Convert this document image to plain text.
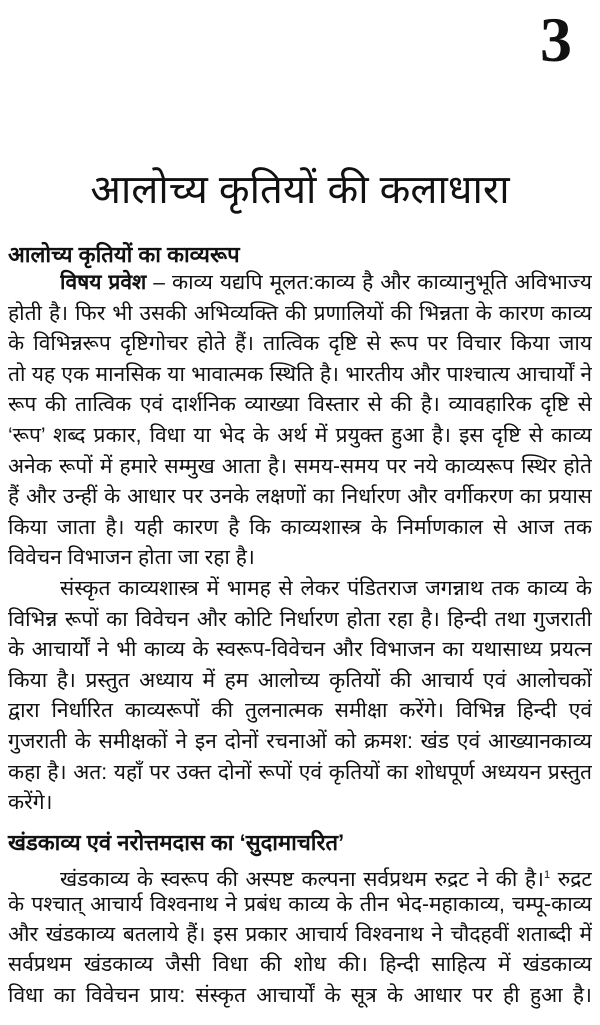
3
आलोच्य कृतियों की कलाधारा
आलोच्य कृतियों का काव्यरूप
विषय प्रवेश – काव्य यद्यपि मूलत:काव्य है और काव्यानुभूति अविभाज्य
होती है। फिर भी उसकी अभिव्यक्ति की प्रणालियों की भिन्नता के कारण काव्य
के विभिन्नरूप दृष्टिगोचर होते हैं। तात्विक दृष्टि से रूप पर विचार किया जाय
तो यह एक मानसिक या भावात्मक स्थिति है। भारतीय और पाश्चात्य आचार्यों ने
रूप की तात्विक एवं दार्शनिक व्याख्या विस्तार से की है। व्यावहारिक दृष्टि से
‘रूप’ शब्द प्रकार, विधा या भेद के अर्थ में प्रयुक्त हुआ है। इस दृष्टि से काव्य
अनेक रूपों में हमारे सम्मुख आता है। समय-समय पर नये काव्यरूप स्थिर होते
हैं और उन्हीं के आधार पर उनके लक्षणों का निर्धारण और वर्गीकरण का प्रयास
किया जाता है। यही कारण है कि काव्यशास्त्र के निर्माणकाल से आज तक
विवेचन विभाजन होता जा रहा है।
संस्कृत काव्यशास्त्र में भामह से लेकर पंडितराज जगन्नाथ तक काव्य के
विभिन्न रूपों का विवेचन और कोटि निर्धारण होता रहा है। हिन्दी तथा गुजराती
के आचार्यों ने भी काव्य के स्वरूप-विवेचन और विभाजन का यथासाध्य प्रयत्न
किया है। प्रस्तुत अध्याय में हम आलोच्य कृतियों की आचार्य एवं आलोचकों
द्वारा निर्धारित काव्यरूपों की तुलनात्मक समीक्षा करेंगे। विभिन्न हिन्दी एवं
गुजराती के समीक्षकों ने इन दोनों रचनाओं को क्रमश: खंड एवं आख्यानकाव्य
कहा है। अत: यहाँ पर उक्त दोनों रूपों एवं कृतियों का शोधपूर्ण अध्ययन प्रस्तुत
करेंगे।
खंडकाव्य एवं नरोत्तमदास का ‘सुदामाचरित’
खंडकाव्य के स्वरूप की अस्पष्ट कल्पना सर्वप्रथम रुद्रट ने की है।$^1$ रुद्रट
के पश्चात् आचार्य विश्वनाथ ने प्रबंध काव्य के तीन भेद-महाकाव्य, चम्पू-काव्य
और खंडकाव्य बतलाये हैं। इस प्रकार आचार्य विश्वनाथ ने चौदहवीं शताब्दी में
सर्वप्रथम खंडकाव्य जैसी विधा की शोध की। हिन्दी साहित्य में खंडकाव्य
विधा का विवेचन प्राय: संस्कृत आचार्यों के सूत्र के आधार पर ही हुआ है।
